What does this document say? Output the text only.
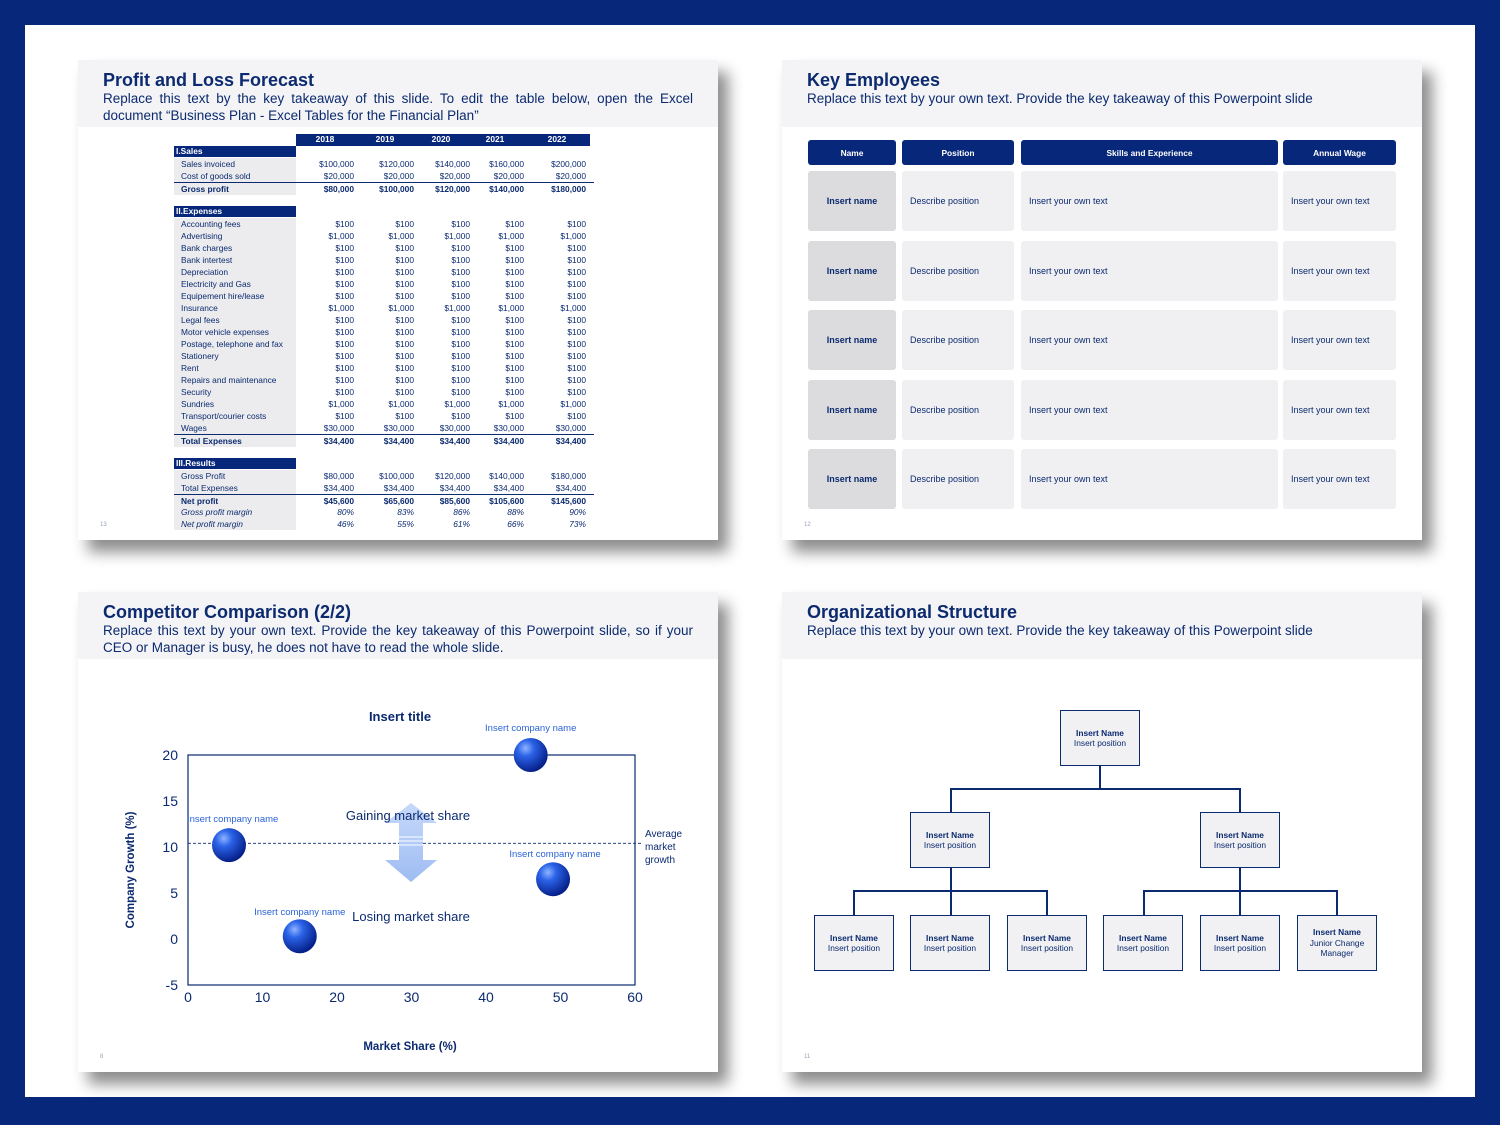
Profit and Loss Forecast
Replace this text by the key takeaway of this slide. To edit the table below, open the Excel document “Business Plan - Excel Tables for the Financial Plan”
2018	2019	2020	2021	2022
I.Sales
Sales invoiced	$100,000	$120,000	$140,000	$160,000	$200,000
Cost of goods sold	$20,000	$20,000	$20,000	$20,000	$20,000
Gross profit	$80,000	$100,000	$120,000	$140,000	$180,000
II.Expenses
Accounting fees	$100	$100	$100	$100	$100
Advertising	$1,000	$1,000	$1,000	$1,000	$1,000
Bank charges	$100	$100	$100	$100	$100
Bank intertest	$100	$100	$100	$100	$100
Depreciation	$100	$100	$100	$100	$100
Electricity and Gas	$100	$100	$100	$100	$100
Equipement hire/lease	$100	$100	$100	$100	$100
Insurance	$1,000	$1,000	$1,000	$1,000	$1,000
Legal fees	$100	$100	$100	$100	$100
Motor vehicle expenses	$100	$100	$100	$100	$100
Postage, telephone and fax	$100	$100	$100	$100	$100
Stationery	$100	$100	$100	$100	$100
Rent	$100	$100	$100	$100	$100
Repairs and maintenance	$100	$100	$100	$100	$100
Security	$100	$100	$100	$100	$100
Sundries	$1,000	$1,000	$1,000	$1,000	$1,000
Transport/courier costs	$100	$100	$100	$100	$100
Wages	$30,000	$30,000	$30,000	$30,000	$30,000
Total Expenses	$34,400	$34,400	$34,400	$34,400	$34,400
III.Results
Gross Profit	$80,000	$100,000	$120,000	$140,000	$180,000
Total Expenses	$34,400	$34,400	$34,400	$34,400	$34,400
Net profit	$45,600	$65,600	$85,600	$105,600	$145,600
Gross profit margin	80%	83%	86%	88%	90%
Net profit margin	46%	55%	61%	66%	73%
13
Key Employees
Replace this text by your own text. Provide the key takeaway of this Powerpoint slide
Name	Position	Skills and Experience	Annual Wage
Insert name	Describe position	Insert your own text	Insert your own text
Insert name	Describe position	Insert your own text	Insert your own text
Insert name	Describe position	Insert your own text	Insert your own text
Insert name	Describe position	Insert your own text	Insert your own text
Insert name	Describe position	Insert your own text	Insert your own text
12
Competitor Comparison (2/2)
Replace this text by your own text. Provide the key takeaway of this Powerpoint slide, so if your CEO or Manager is busy, he does not have to read the whole slide.
Insert title
Average
market
growth
0	10	20	30	40	50	60
-5
0
5
10
15
20
Market Share (%)
Company Growth (%)	Gaining market share
Losing market share
Insert company name
Insert company name
Insert company name
Insert company name
8
Organizational Structure
Replace this text by your own text. Provide the key takeaway of this Powerpoint slide
Insert Name
Insert position
Insert Name
Insert position
Insert Name
Insert position
Insert Name
Insert position
Insert Name
Insert position
Insert Name
Insert position
Insert Name
Insert position
Insert Name
Insert position
Insert Name
Junior Change Manager
11
